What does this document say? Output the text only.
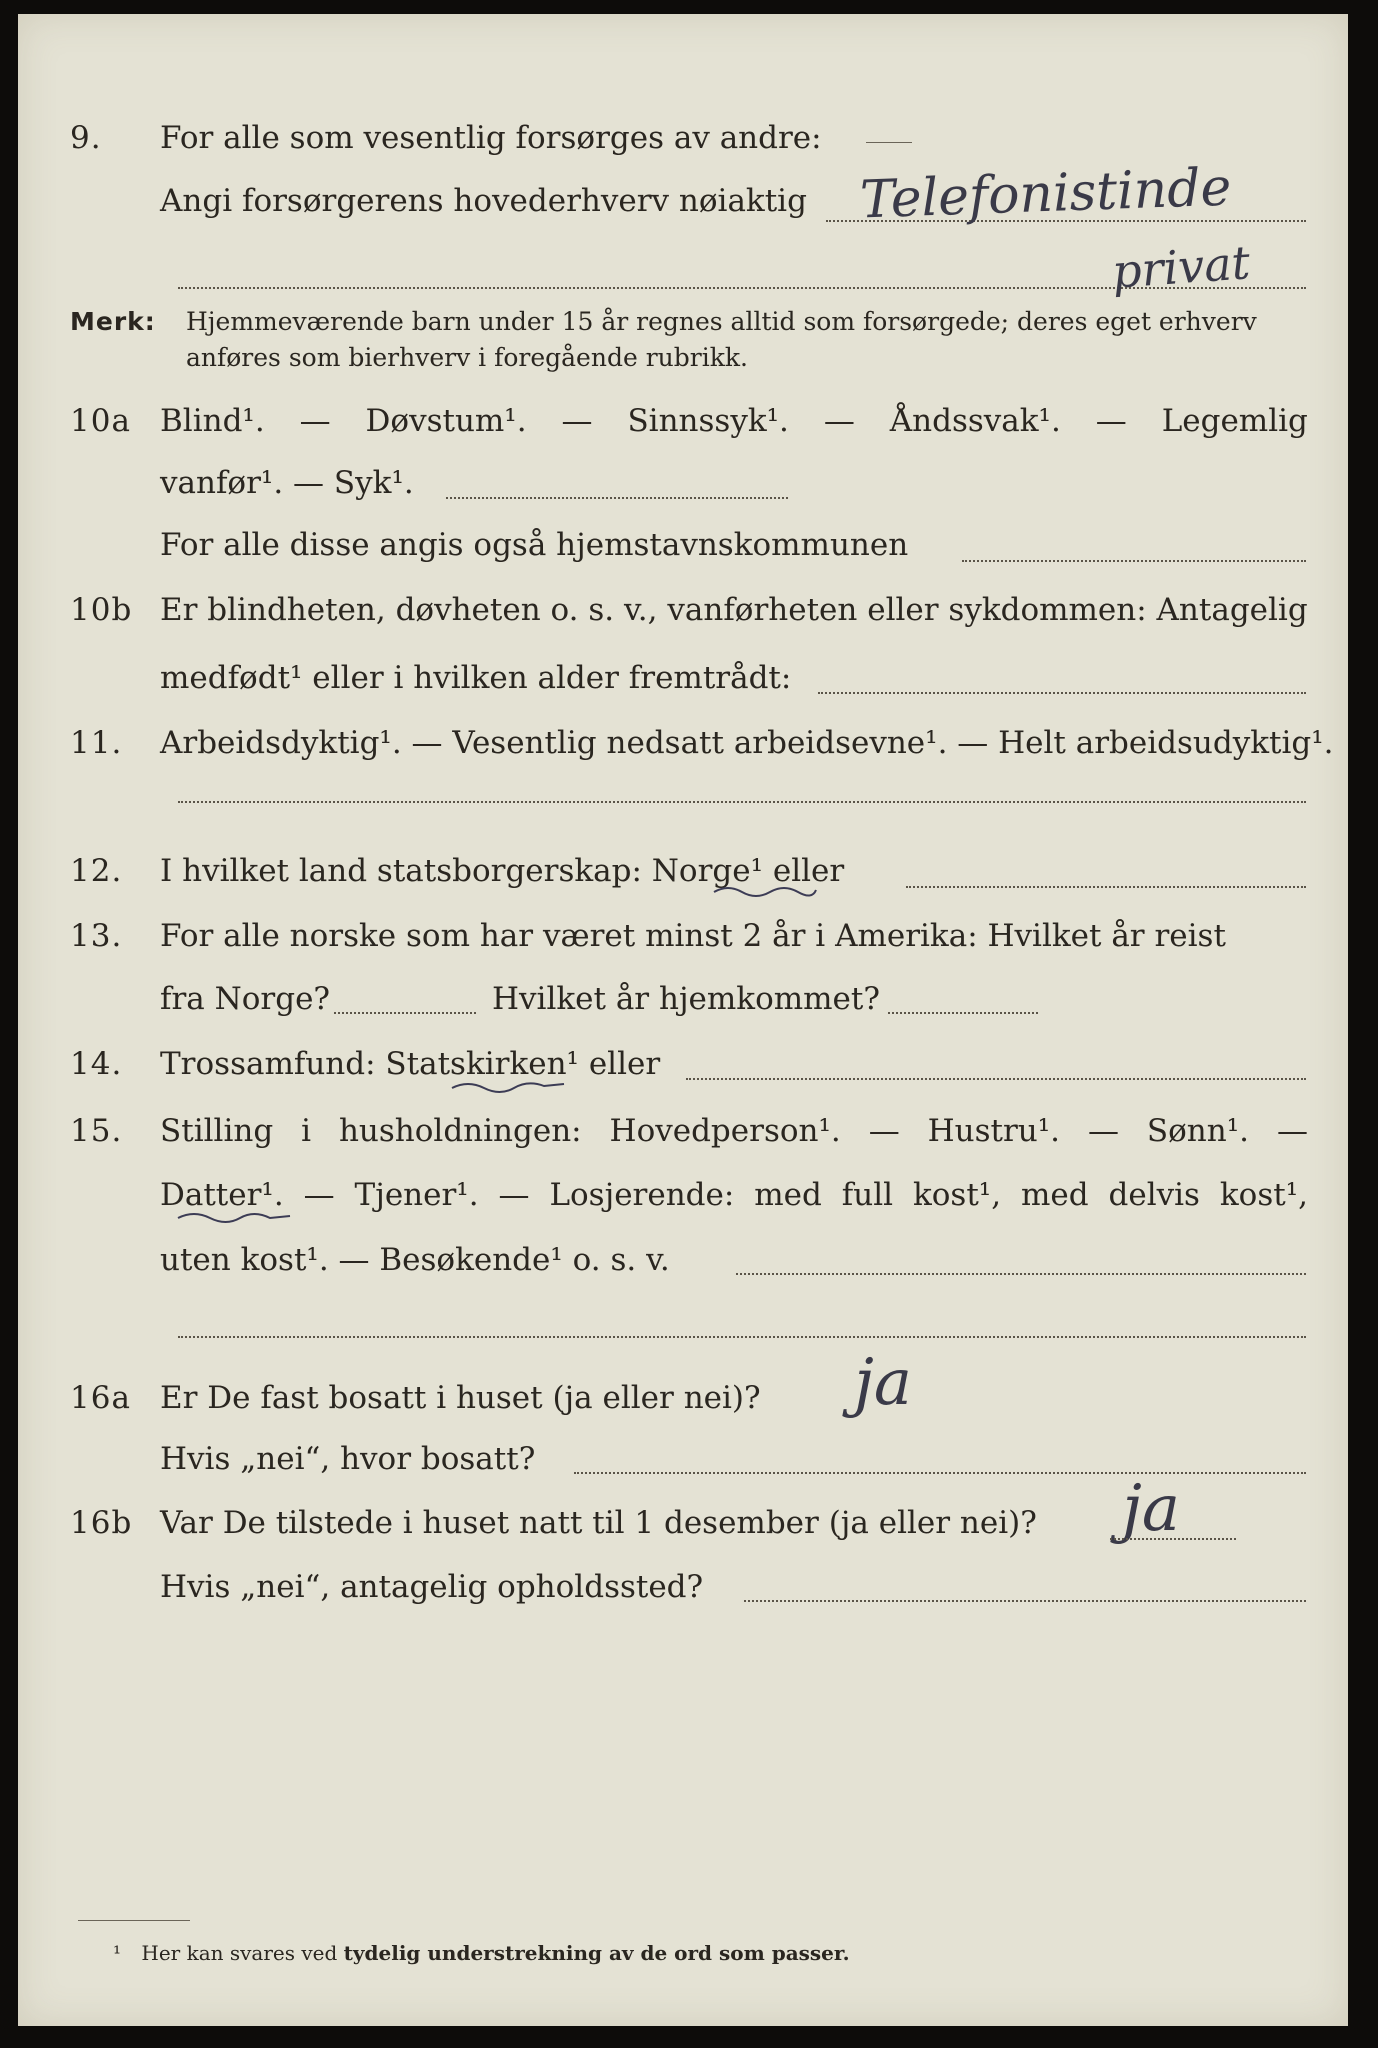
9. For alle som vesentlig forsørges av andre:
Angi forsørgerens hovederhverv nøiaktig Telefonistinde
privat
Merk: Hjemmeværende barn under 15 år regnes alltid som forsørgede; deres eget erhverv anføres som bierhverv i foregående rubrikk.
10a Blind¹. — Døvstum¹. — Sinnssyk¹. — Åndssvak¹. — Legemlig
vanfør¹. — Syk¹.
For alle disse angis også hjemstavnskommunen
10b Er blindheten, døvheten o. s. v., vanførheten eller sykdommen: Antagelig
medfødt¹ eller i hvilken alder fremtrådt:
11. Arbeidsdyktig¹. — Vesentlig nedsatt arbeidsevne¹. — Helt arbeidsudyktig¹.
12. I hvilket land statsborgerskap: Norge¹ eller
13. For alle norske som har været minst 2 år i Amerika: Hvilket år reist
fra Norge?	Hvilket år hjemkommet?
14. Trossamfund: Statskirken¹ eller
15. Stilling i husholdningen: Hovedperson¹. — Hustru¹. — Sønn¹. —
Datter¹. — Tjener¹. — Losjerende: med full kost¹, med delvis kost¹,
uten kost¹. — Besøkende¹ o. s. v.
16a Er De fast bosatt i huset (ja eller nei)? ja
Hvis „nei“, hvor bosatt?
16b Var De tilstede i huset natt til 1 desember (ja eller nei)? ja
Hvis „nei“, antagelig opholdssted?
¹ Her kan svares ved tydelig understrekning av de ord som passer.
